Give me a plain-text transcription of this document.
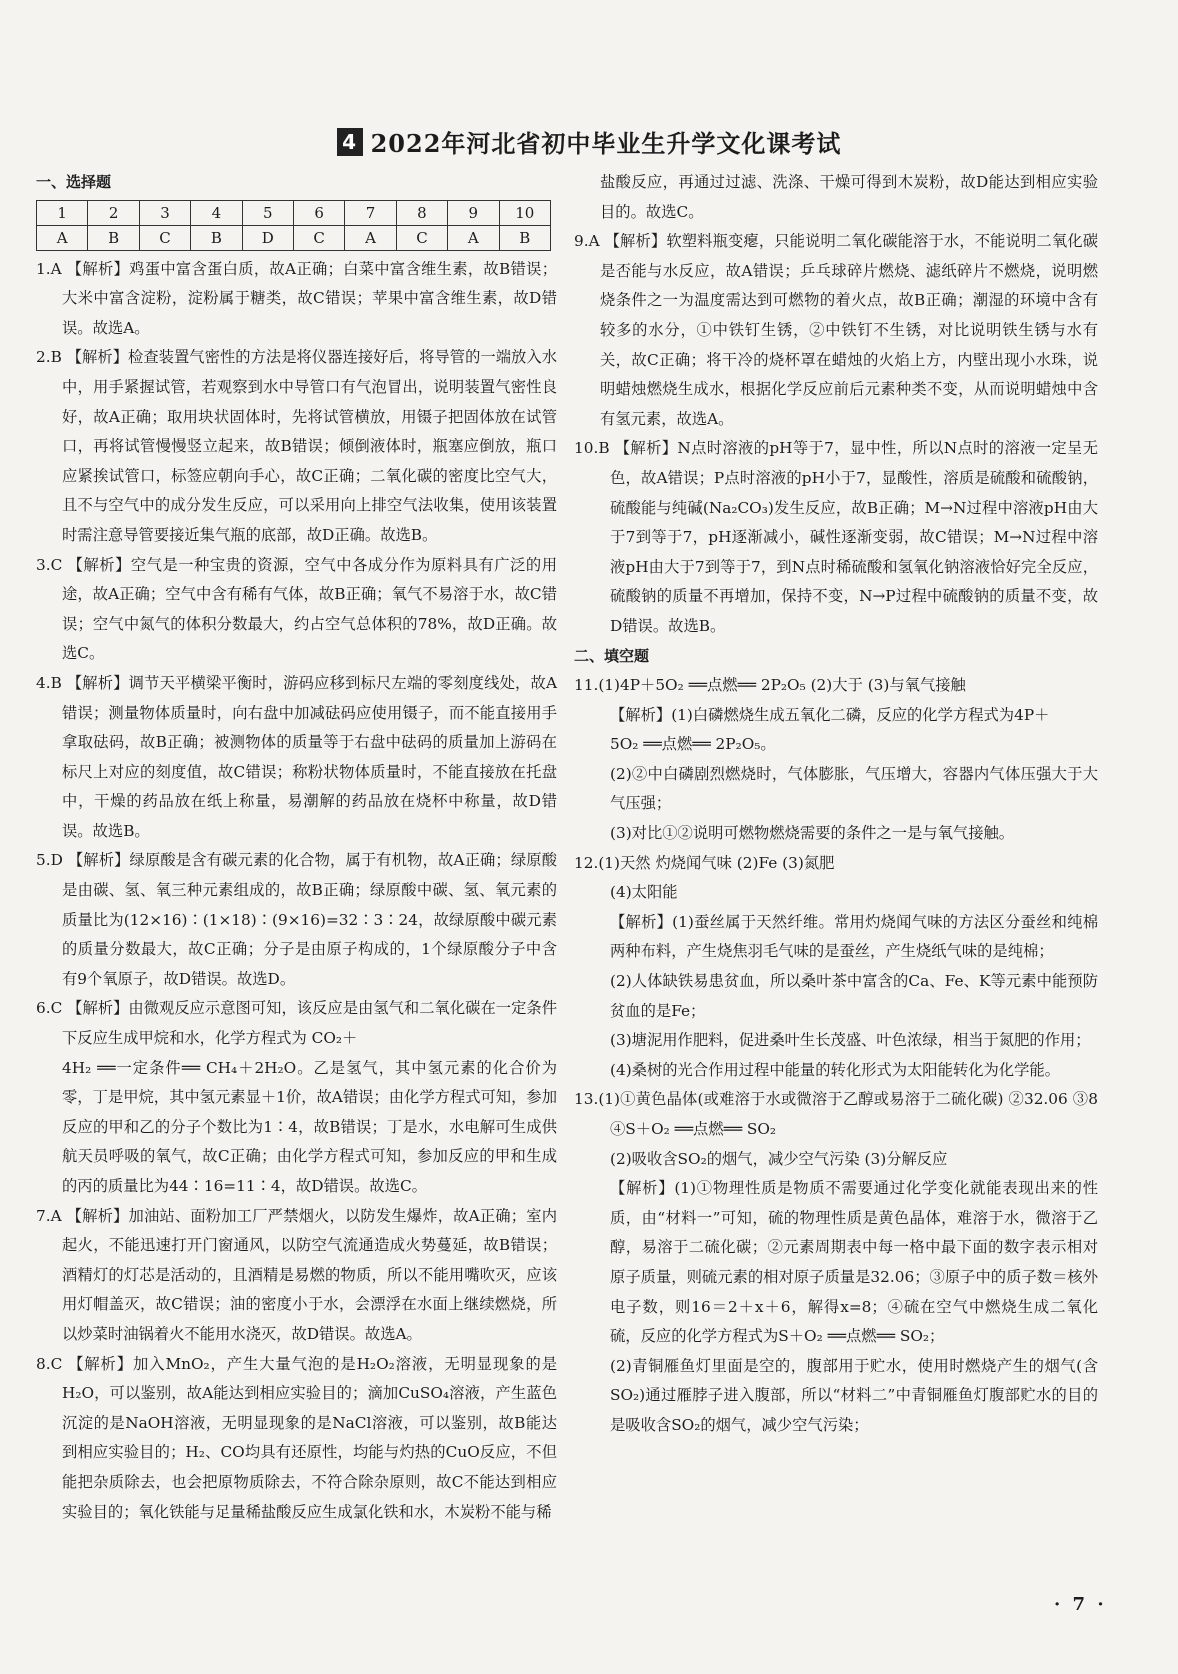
4 2022年河北省初中毕业生升学文化课考试
一、选择题
1	2	3	4	5	6	7	8	9	10
A	B	C	B	D	C	A	C	A	B

1.A 【解析】鸡蛋中富含蛋白质，故A正确；白菜中富含维生素，故B错误；大米中富含淀粉，淀粉属于糖类，故C错误；苹果中富含维生素，故D错误。故选A。

2.B 【解析】检查装置气密性的方法是将仪器连接好后，将导管的一端放入水中，用手紧握试管，若观察到水中导管口有气泡冒出，说明装置气密性良好，故A正确；取用块状固体时，先将试管横放，用镊子把固体放在试管口，再将试管慢慢竖立起来，故B错误；倾倒液体时，瓶塞应倒放，瓶口应紧挨试管口，标签应朝向手心，故C正确；二氧化碳的密度比空气大，且不与空气中的成分发生反应，可以采用向上排空气法收集，使用该装置时需注意导管要接近集气瓶的底部，故D正确。故选B。

3.C 【解析】空气是一种宝贵的资源，空气中各成分作为原料具有广泛的用途，故A正确；空气中含有稀有气体，故B正确；氧气不易溶于水，故C错误；空气中氮气的体积分数最大，约占空气总体积的78%，故D正确。故选C。

4.B 【解析】调节天平横梁平衡时，游码应移到标尺左端的零刻度线处，故A错误；测量物体质量时，向右盘中加减砝码应使用镊子，而不能直接用手拿取砝码，故B正确；被测物体的质量等于右盘中砝码的质量加上游码在标尺上对应的刻度值，故C错误；称粉状物体质量时，不能直接放在托盘中，干燥的药品放在纸上称量，易潮解的药品放在烧杯中称量，故D错误。故选B。

5.D 【解析】绿原酸是含有碳元素的化合物，属于有机物，故A正确；绿原酸是由碳、氢、氧三种元素组成的，故B正确；绿原酸中碳、氢、氧元素的质量比为(12×16)∶(1×18)∶(9×16)=32∶3∶24，故绿原酸中碳元素的质量分数最大，故C正确；分子是由原子构成的，1个绿原酸分子中含有9个氧原子，故D错误。故选D。

6.C 【解析】由微观反应示意图可知，该反应是由氢气和二氧化碳在一定条件下反应生成甲烷和水，化学方程式为 CO₂＋

4H₂ ══一定条件══ CH₄＋2H₂O。乙是氢气，其中氢元素的化合价为零，丁是甲烷，其中氢元素显＋1价，故A错误；由化学方程式可知，参加反应的甲和乙的分子个数比为1∶4，故B错误；丁是水，水电解可生成供航天员呼吸的氧气，故C正确；由化学方程式可知，参加反应的甲和生成的丙的质量比为44∶16=11∶4，故D错误。故选C。

7.A 【解析】加油站、面粉加工厂严禁烟火，以防发生爆炸，故A正确；室内起火，不能迅速打开门窗通风，以防空气流通造成火势蔓延，故B错误；酒精灯的灯芯是活动的，且酒精是易燃的物质，所以不能用嘴吹灭，应该用灯帽盖灭，故C错误；油的密度小于水，会漂浮在水面上继续燃烧，所以炒菜时油锅着火不能用水浇灭，故D错误。故选A。

8.C 【解析】加入MnO₂，产生大量气泡的是H₂O₂溶液，无明显现象的是H₂O，可以鉴别，故A能达到相应实验目的；滴加CuSO₄溶液，产生蓝色沉淀的是NaOH溶液，无明显现象的是NaCl溶液，可以鉴别，故B能达到相应实验目的；H₂、CO均具有还原性，均能与灼热的CuO反应，不但能把杂质除去，也会把原物质除去，不符合除杂原则，故C不能达到相应实验目的；氧化铁能与足量稀盐酸反应生成氯化铁和水，木炭粉不能与稀

盐酸反应，再通过过滤、洗涤、干燥可得到木炭粉，故D能达到相应实验目的。故选C。

9.A 【解析】软塑料瓶变瘪，只能说明二氧化碳能溶于水，不能说明二氧化碳是否能与水反应，故A错误；乒乓球碎片燃烧、滤纸碎片不燃烧，说明燃烧条件之一为温度需达到可燃物的着火点，故B正确；潮湿的环境中含有较多的水分，①中铁钉生锈，②中铁钉不生锈，对比说明铁生锈与水有关，故C正确；将干冷的烧杯罩在蜡烛的火焰上方，内壁出现小水珠，说明蜡烛燃烧生成水，根据化学反应前后元素种类不变，从而说明蜡烛中含有氢元素，故选A。

10.B 【解析】N点时溶液的pH等于7，显中性，所以N点时的溶液一定呈无色，故A错误；P点时溶液的pH小于7，显酸性，溶质是硫酸和硫酸钠，硫酸能与纯碱(Na₂CO₃)发生反应，故B正确；M→N过程中溶液pH由大于7到等于7，pH逐渐减小，碱性逐渐变弱，故C错误；M→N过程中溶液pH由大于7到等于7，到N点时稀硫酸和氢氧化钠溶液恰好完全反应，硫酸钠的质量不再增加，保持不变，N→P过程中硫酸钠的质量不变，故D错误。故选B。

二、填空题

11.(1)4P＋5O₂ ══点燃══ 2P₂O₅ (2)大于 (3)与氧气接触

【解析】(1)白磷燃烧生成五氧化二磷，反应的化学方程式为4P＋

5O₂ ══点燃══ 2P₂O₅。

(2)②中白磷剧烈燃烧时，气体膨胀，气压增大，容器内气体压强大于大气压强；

(3)对比①②说明可燃物燃烧需要的条件之一是与氧气接触。

12.(1)天然 灼烧闻气味 (2)Fe (3)氮肥

(4)太阳能

【解析】(1)蚕丝属于天然纤维。常用灼烧闻气味的方法区分蚕丝和纯棉两种布料，产生烧焦羽毛气味的是蚕丝，产生烧纸气味的是纯棉；

(2)人体缺铁易患贫血，所以桑叶茶中富含的Ca、Fe、K等元素中能预防贫血的是Fe；

(3)塘泥用作肥料，促进桑叶生长茂盛、叶色浓绿，相当于氮肥的作用；

(4)桑树的光合作用过程中能量的转化形式为太阳能转化为化学能。

13.(1)①黄色晶体(或难溶于水或微溶于乙醇或易溶于二硫化碳) ②32.06 ③8 ④S＋O₂ ══点燃══ SO₂

(2)吸收含SO₂的烟气，减少空气污染 (3)分解反应

【解析】(1)①物理性质是物质不需要通过化学变化就能表现出来的性质，由“材料一”可知，硫的物理性质是黄色晶体，难溶于水，微溶于乙醇，易溶于二硫化碳；②元素周期表中每一格中最下面的数字表示相对原子质量，则硫元素的相对原子质量是32.06；③原子中的质子数＝核外电子数，则16＝2＋x＋6，解得x=8；④硫在空气中燃烧生成二氧化硫，反应的化学方程式为S＋O₂ ══点燃══ SO₂；

(2)青铜雁鱼灯里面是空的，腹部用于贮水，使用时燃烧产生的烟气(含SO₂)通过雁脖子进入腹部，所以“材料二”中青铜雁鱼灯腹部贮水的目的是吸收含SO₂的烟气，减少空气污染；

· 7 ·
